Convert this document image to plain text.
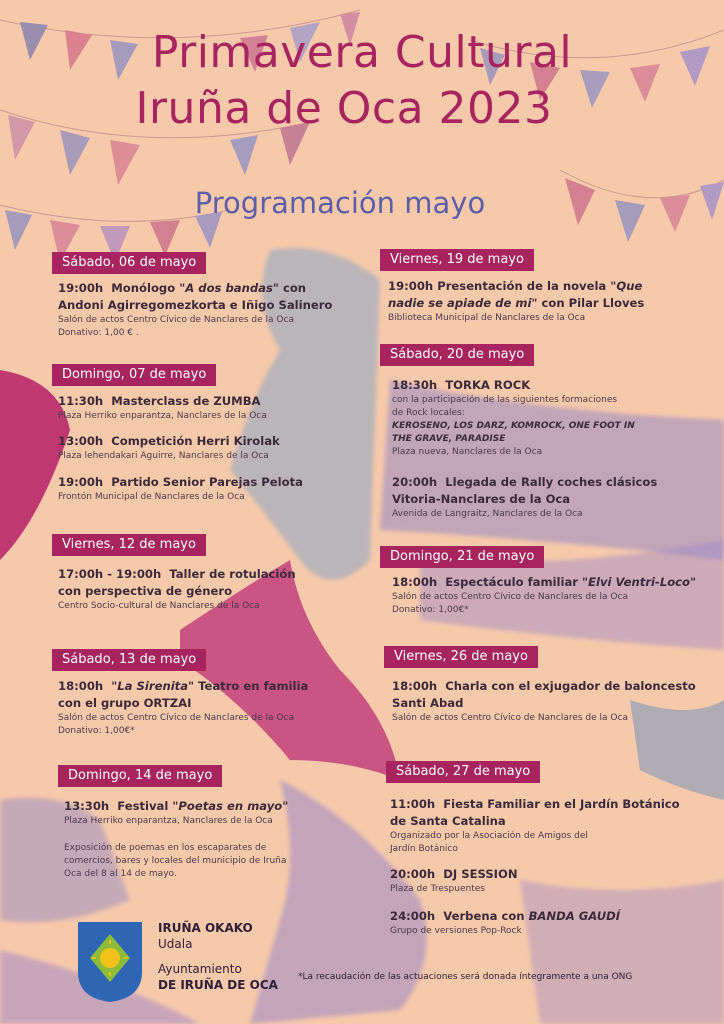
Primavera Cultural
Iruña de Oca 2023
Programación mayo
Sábado, 06 de mayo
19:00h Monólogo "A dos bandas" con
Andoni Agirregomezkorta e Iñigo Salinero
Salón de actos Centro Cívico de Nanclares de la Oca
Donativo: 1,00 € .
Domingo, 07 de mayo
11:30h Masterclass de ZUMBA
Plaza Herriko enparantza, Nanclares de la Oca
13:00h Competición Herri Kirolak
Plaza lehendakari Aguirre, Nanclares de la Oca
19:00h Partido Senior Parejas Pelota
Frontón Municipal de Nanclares de la Oca
Viernes, 12 de mayo
17:00h - 19:00h Taller de rotulación
con perspectiva de género
Centro Socio-cultural de Nanclares de la Oca
Sábado, 13 de mayo
18:00h "La Sirenita" Teatro en familia
con el grupo ORTZAI
Salón de actos Centro Cívico de Nanclares de la Oca
Donativo: 1,00€*
Domingo, 14 de mayo
13:30h Festival "Poetas en mayo"
Plaza Herriko enparantza, Nanclares de la Oca
Exposición de poemas en los escaparates de
comercios, bares y locales del municipio de Iruña
Oca del 8 al 14 de mayo.
Viernes, 19 de mayo
19:00h Presentación de la novela "Que
nadie se apiade de mi" con Pilar Lloves
Biblioteca Municipal de Nanclares de la Oca
Sábado, 20 de mayo
18:30h TORKA ROCK
con la participación de las siguientes formaciones
de Rock locales:
KEROSENO, LOS DARZ, KOMROCK, ONE FOOT IN
THE GRAVE, PARADISE
Plaza nueva, Nanclares de la Oca
20:00h Llegada de Rally coches clásicos
Vitoria-Nanclares de la Oca
Avenida de Langraitz, Nanclares de la Oca
Domingo, 21 de mayo
18:00h Espectáculo familiar "Elvi Ventri-Loco"
Salón de actos Centro Cívico de Nanclares de la Oca
Donativo: 1,00€*
Viernes, 26 de mayo
18:00h Charla con el exjugador de baloncesto
Santi Abad
Salón de actos Centro Cívico de Nanclares de la Oca
Sábado, 27 de mayo
11:00h Fiesta Familiar en el Jardín Botánico
de Santa Catalina
Organizado por la Asociación de Amigos del
Jardín Botánico
20:00h DJ SESSION
Plaza de Trespuentes
24:00h Verbena con BANDA GAUDÍ
Grupo de versiones Pop-Rock
IRUÑA OKAKO
Udala
Ayuntamiento
DE IRUÑA DE OCA
*La recaudación de las actuaciones será donada íntegramente a una ONG
